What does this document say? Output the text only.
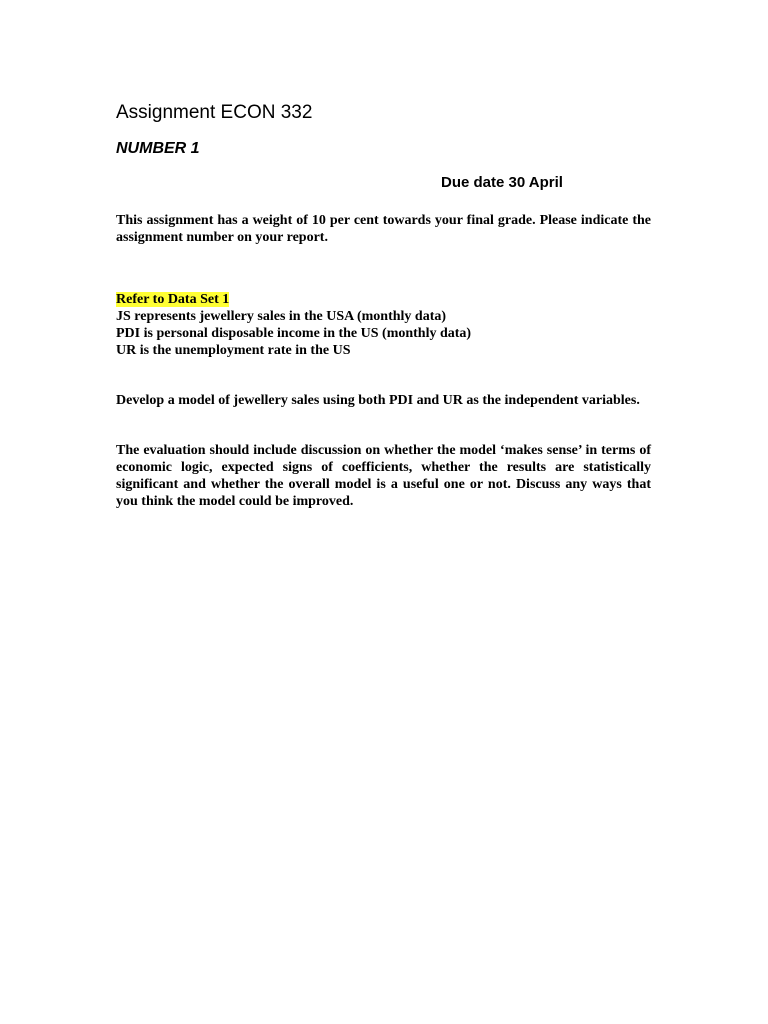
Assignment ECON 332
NUMBER 1
Due date 30 April

This assignment has a weight of 10 per cent towards your final grade. Please indicate the assignment number on your report.

Refer to Data Set 1
JS represents jewellery sales in the USA (monthly data)
PDI is personal disposable income in the US (monthly data)
UR is the unemployment rate in the US

Develop a model of jewellery sales using both PDI and UR as the independent variables.

The evaluation should include discussion on whether the model ‘makes sense’ in terms of economic logic, expected signs of coefficients, whether the results are statistically significant and whether the overall model is a useful one or not. Discuss any ways that you think the model could be improved.
